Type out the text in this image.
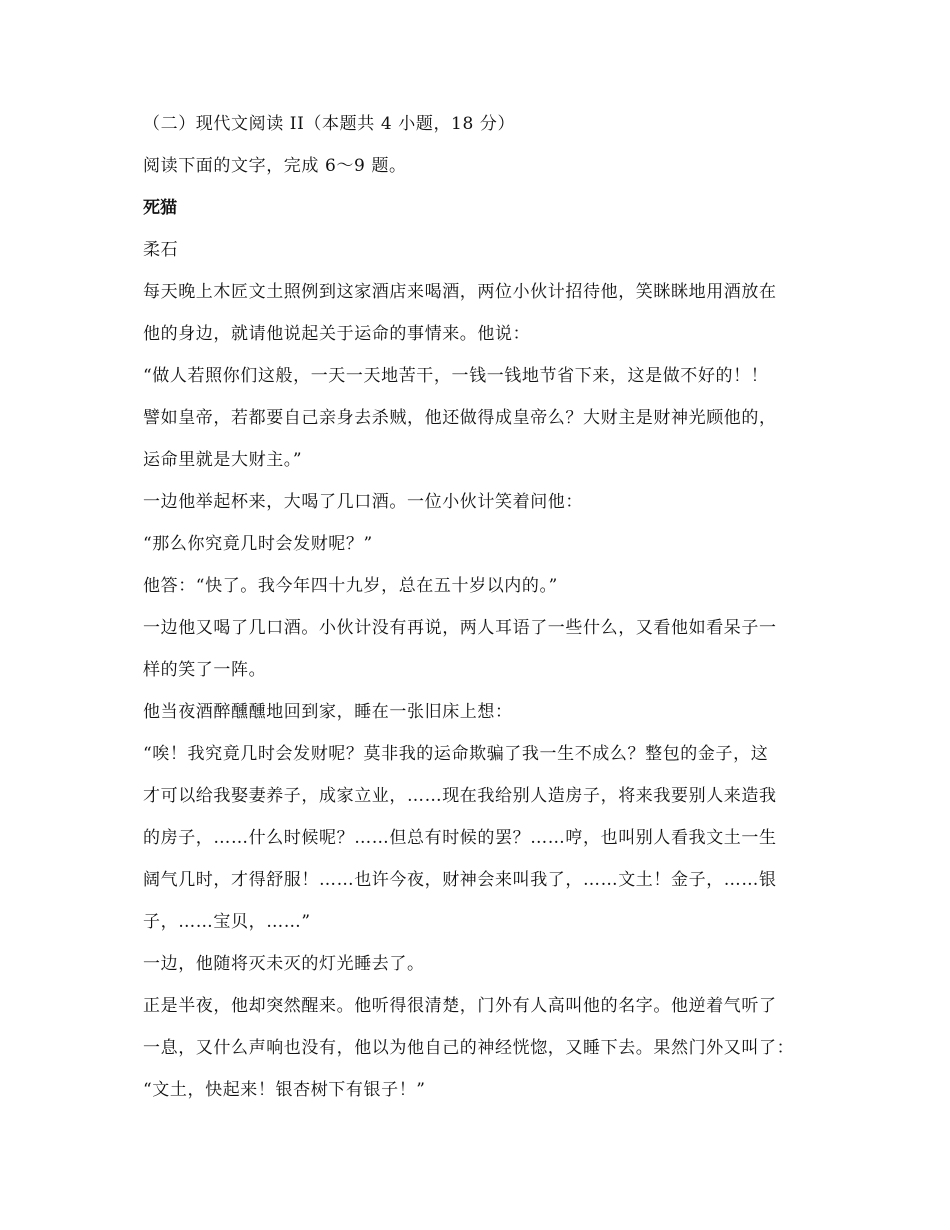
（二）现代文阅读 II（本题共 4 小题，18 分）
阅读下面的文字，完成 6～9 题。
死猫
柔石
每天晚上木匠文土照例到这家酒店来喝酒，两位小伙计招待他，笑眯眯地用酒放在
他的身边，就请他说起关于运命的事情来。他说：
“做人若照你们这般，一天一天地苦干，一钱一钱地节省下来，这是做不好的！！
譬如皇帝，若都要自己亲身去杀贼，他还做得成皇帝么？大财主是财神光顾他的，
运命里就是大财主。”
一边他举起杯来，大喝了几口酒。一位小伙计笑着问他：
“那么你究竟几时会发财呢？”
他答：“快了。我今年四十九岁，总在五十岁以内的。”
一边他又喝了几口酒。小伙计没有再说，两人耳语了一些什么，又看他如看呆子一
样的笑了一阵。
他当夜酒醉醺醺地回到家，睡在一张旧床上想：
“唉！我究竟几时会发财呢？莫非我的运命欺骗了我一生不成么？整包的金子，这
才可以给我娶妻养子，成家立业，……现在我给别人造房子，将来我要别人来造我
的房子，……什么时候呢？……但总有时候的罢？……哼，也叫别人看我文土一生
阔气几时，才得舒服！……也许今夜，财神会来叫我了，……文土！金子，……银
子，……宝贝，……”
一边，他随将灭未灭的灯光睡去了。
正是半夜，他却突然醒来。他听得很清楚，门外有人高叫他的名字。他逆着气听了
一息，又什么声响也没有，他以为他自己的神经恍惚，又睡下去。果然门外又叫了：
“文土，快起来！银杏树下有银子！”
